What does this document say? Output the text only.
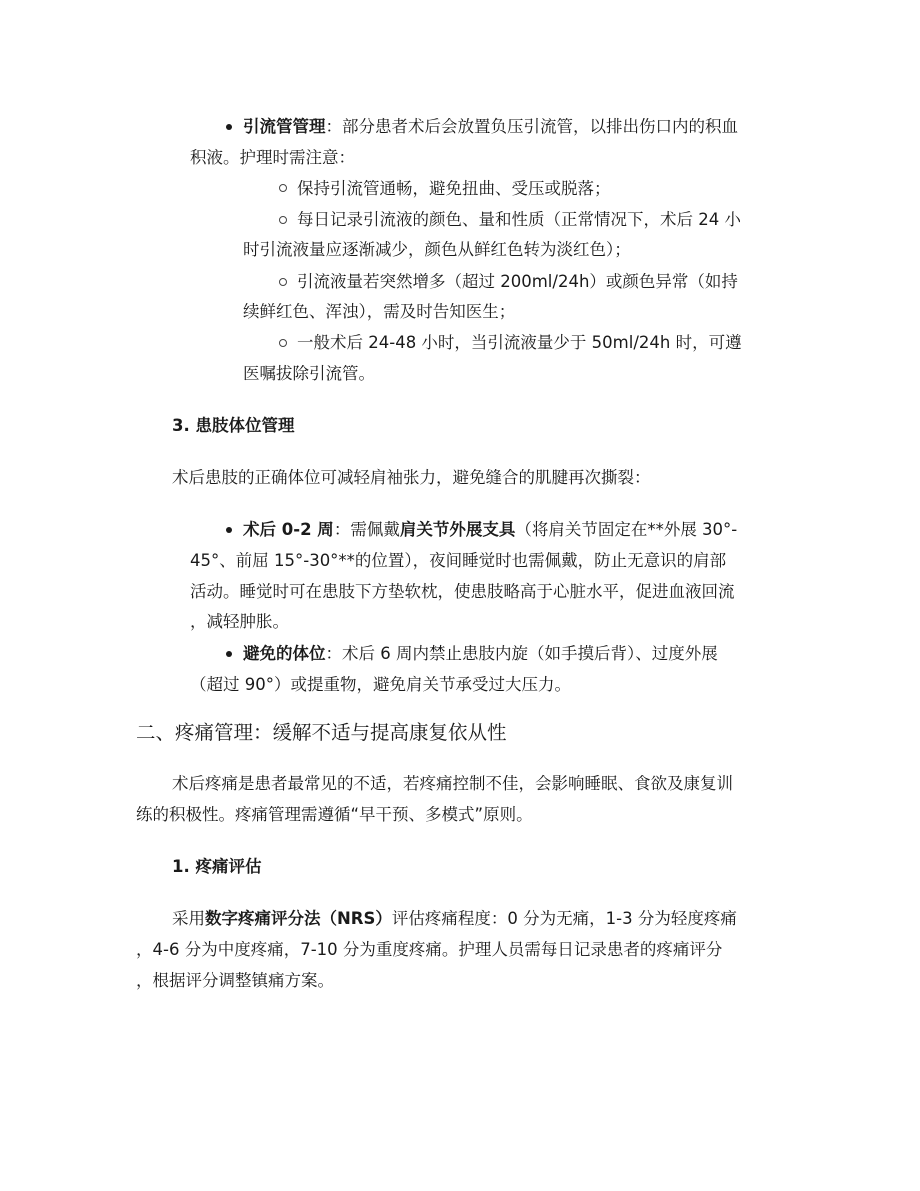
引流管管理：部分患者术后会放置负压引流管，以排出伤口内的积血
积液。护理时需注意：
保持引流管通畅，避免扭曲、受压或脱落；
每日记录引流液的颜色、量和性质（正常情况下，术后 24 小
时引流液量应逐渐减少，颜色从鲜红色转为淡红色）；
引流液量若突然增多（超过 200ml/24h）或颜色异常（如持
续鲜红色、浑浊），需及时告知医生；
一般术后 24-48 小时，当引流液量少于 50ml/24h 时，可遵
医嘱拔除引流管。
3. 患肢体位管理
术后患肢的正确体位可减轻肩袖张力，避免缝合的肌腱再次撕裂：
术后 0-2 周：需佩戴肩关节外展支具（将肩关节固定在**外展 30°-
45°、前屈 15°-30°**的位置），夜间睡觉时也需佩戴，防止无意识的肩部
活动。睡觉时可在患肢下方垫软枕，使患肢略高于心脏水平，促进血液回流
，减轻肿胀。
避免的体位：术后 6 周内禁止患肢内旋（如手摸后背）、过度外展
（超过 90°）或提重物，避免肩关节承受过大压力。
二、疼痛管理：缓解不适与提高康复依从性
术后疼痛是患者最常见的不适，若疼痛控制不佳，会影响睡眠、食欲及康复训
练的积极性。疼痛管理需遵循“早干预、多模式”原则。
1. 疼痛评估
采用数字疼痛评分法（NRS）评估疼痛程度：0 分为无痛，1-3 分为轻度疼痛
，4-6 分为中度疼痛，7-10 分为重度疼痛。护理人员需每日记录患者的疼痛评分
，根据评分调整镇痛方案。
